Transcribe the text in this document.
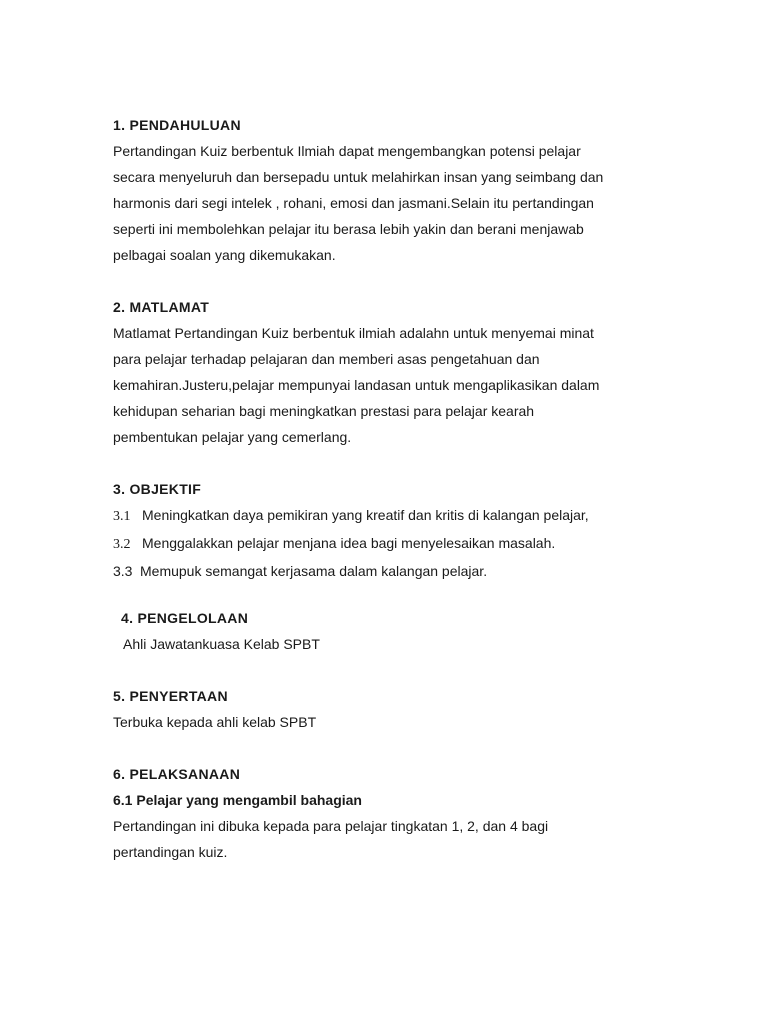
1. PENDAHULUAN

Pertandingan Kuiz berbentuk Ilmiah dapat mengembangkan potensi pelajar
secara menyeluruh dan bersepadu untuk melahirkan insan yang seimbang dan
harmonis dari segi intelek , rohani, emosi dan jasmani.Selain itu pertandingan
seperti ini membolehkan pelajar itu berasa lebih yakin dan berani menjawab
pelbagai soalan yang dikemukakan.

2. MATLAMAT

Matlamat Pertandingan Kuiz berbentuk ilmiah adalahn untuk menyemai minat
para pelajar terhadap pelajaran dan memberi asas pengetahuan dan
kemahiran.Justeru,pelajar mempunyai landasan untuk mengaplikasikan dalam
kehidupan seharian bagi meningkatkan prestasi para pelajar kearah
pembentukan pelajar yang cemerlang.

3. OBJEKTIF

3.1 Meningkatkan daya pemikiran yang kreatif dan kritis di kalangan pelajar,
3.2 Menggalakkan pelajar menjana idea bagi menyelesaikan masalah.
3.3 Memupuk semangat kerjasama dalam kalangan pelajar.

4. PENGELOLAAN

Ahli Jawatankuasa Kelab SPBT

5. PENYERTAAN

Terbuka kepada ahli kelab SPBT

6. PELAKSANAAN

6.1 Pelajar yang mengambil bahagian

Pertandingan ini dibuka kepada para pelajar tingkatan 1, 2, dan 4 bagi
pertandingan kuiz.
